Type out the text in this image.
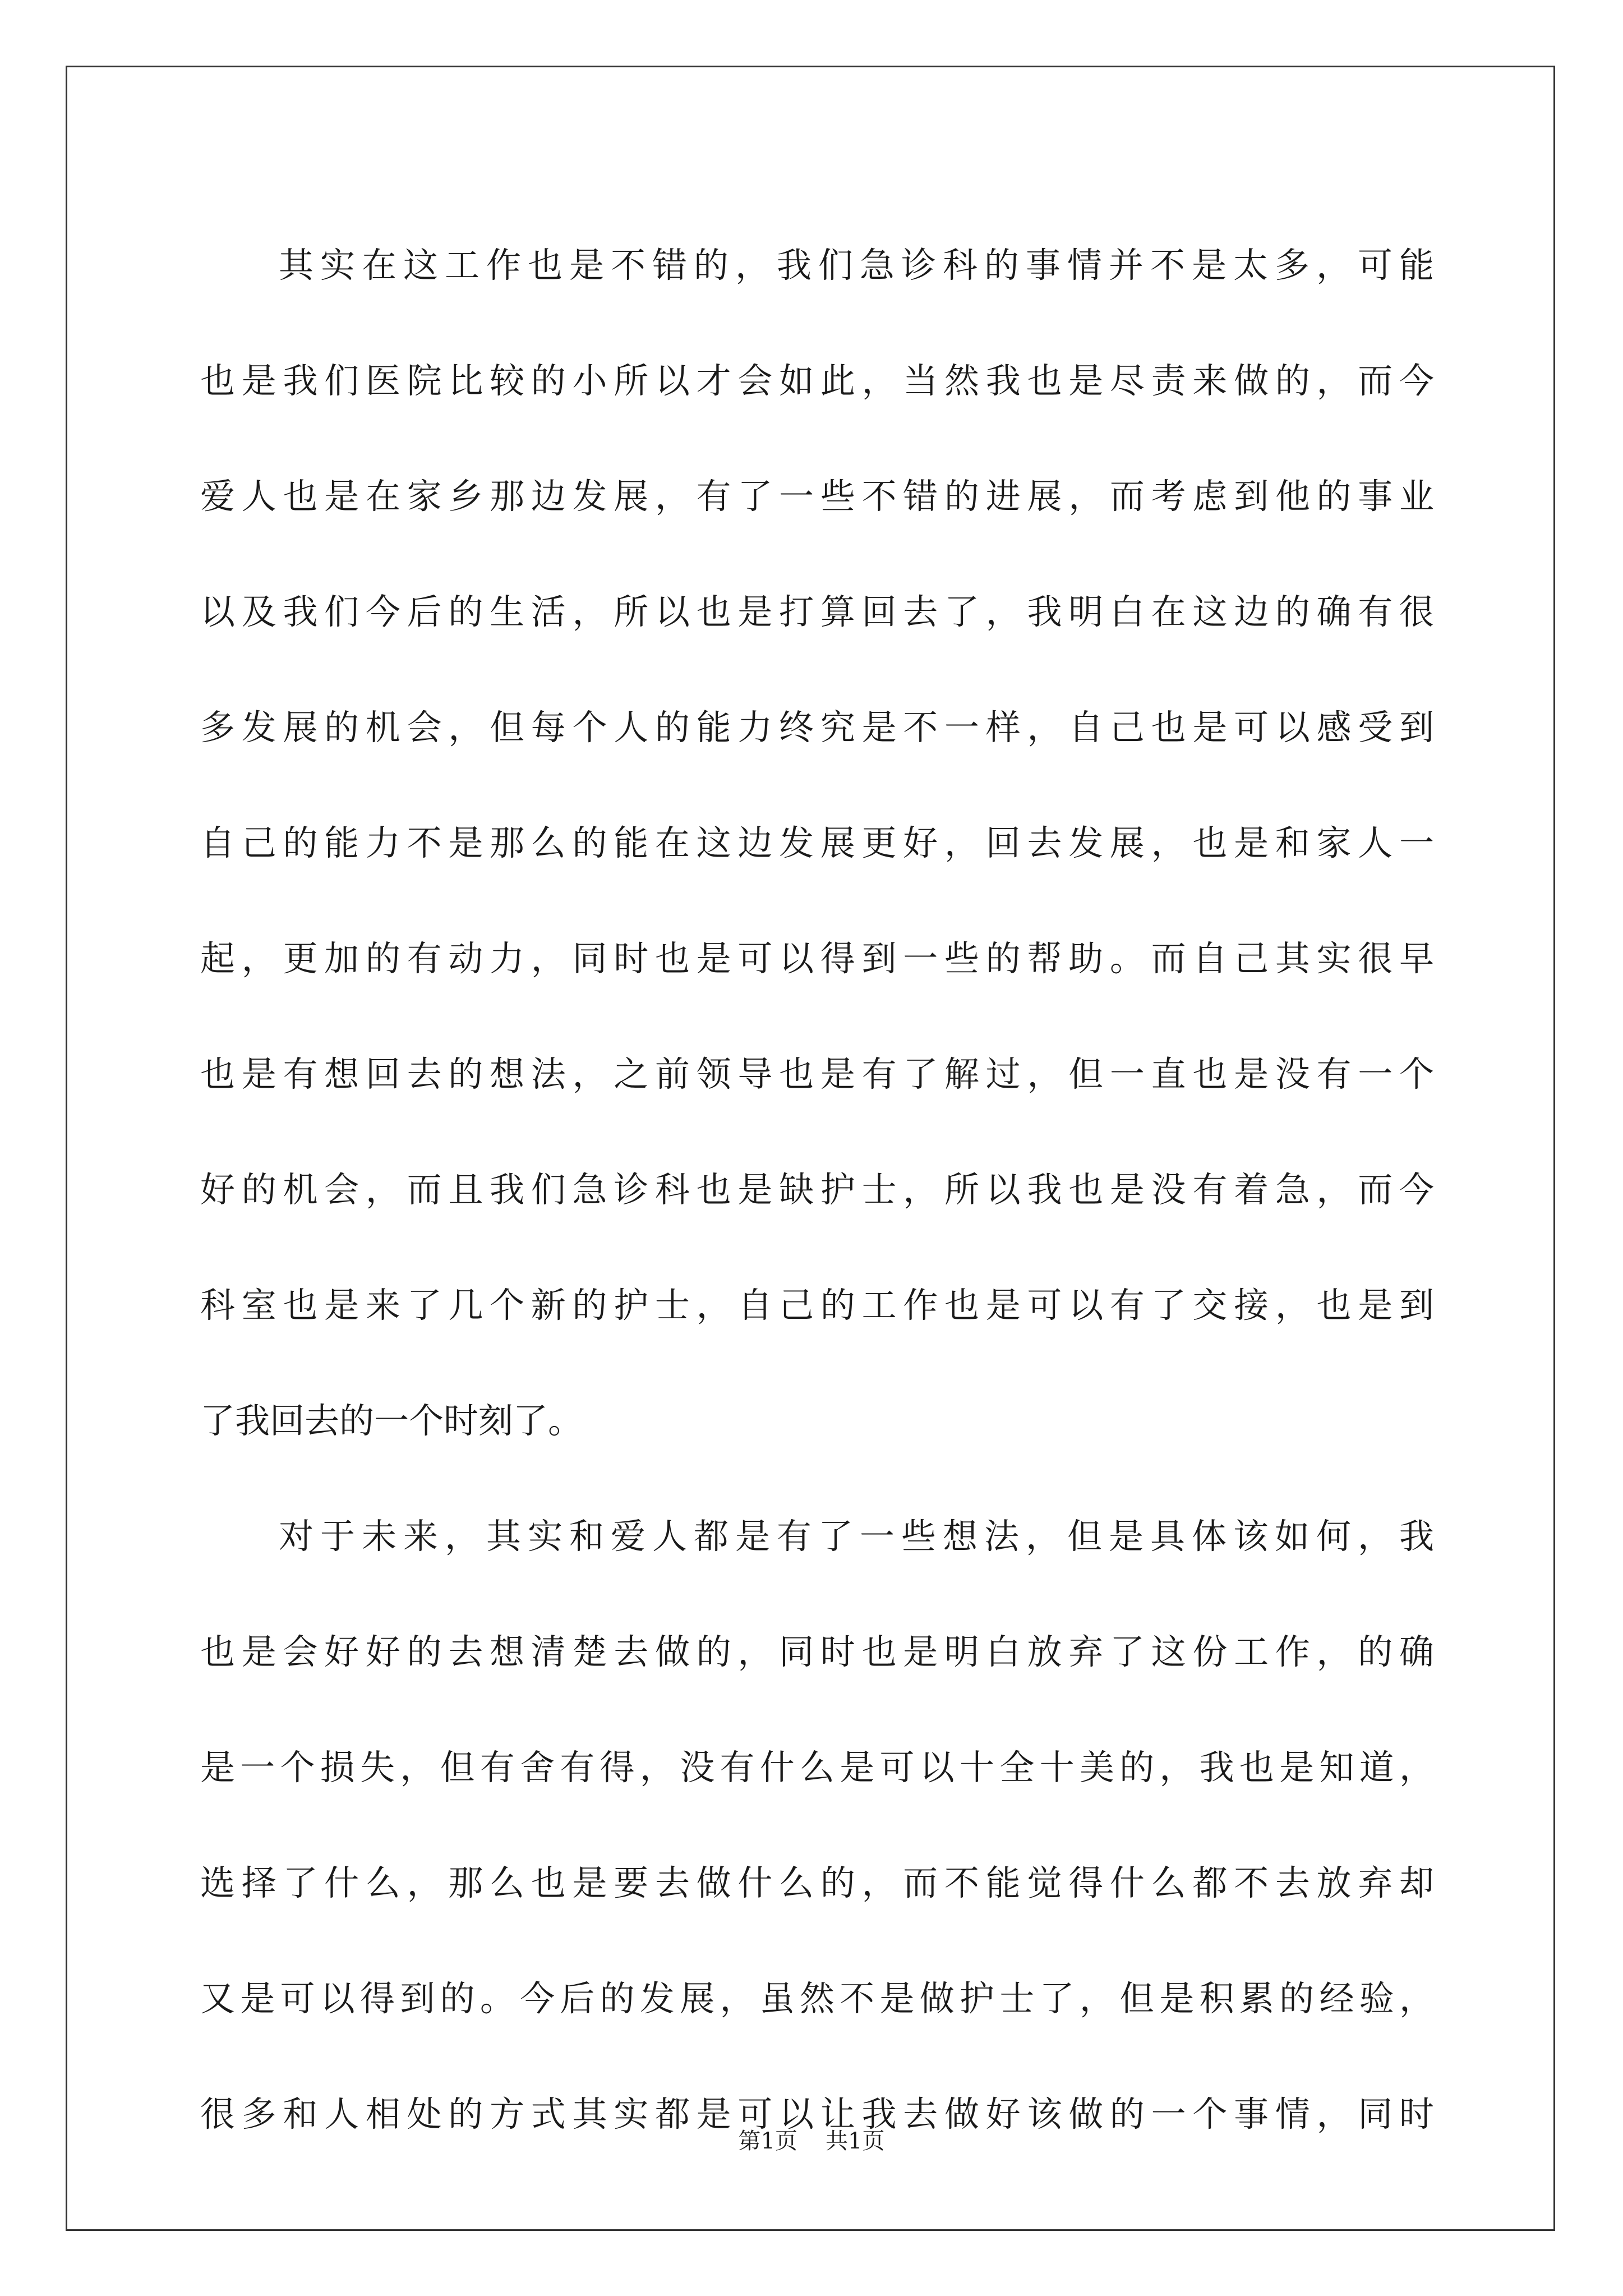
其实在这工作也是不错的，我们急诊科的事情并不是太多，可能
也是我们医院比较的小所以才会如此，当然我也是尽责来做的，而今
爱人也是在家乡那边发展，有了一些不错的进展，而考虑到他的事业
以及我们今后的生活，所以也是打算回去了，我明白在这边的确有很
多发展的机会，但每个人的能力终究是不一样，自己也是可以感受到
自己的能力不是那么的能在这边发展更好，回去发展，也是和家人一
起，更加的有动力，同时也是可以得到一些的帮助。而自己其实很早
也是有想回去的想法，之前领导也是有了解过，但一直也是没有一个
好的机会，而且我们急诊科也是缺护士，所以我也是没有着急，而今
科室也是来了几个新的护士，自己的工作也是可以有了交接，也是到
了我回去的一个时刻了。

对于未来，其实和爱人都是有了一些想法，但是具体该如何，我
也是会好好的去想清楚去做的，同时也是明白放弃了这份工作，的确
是一个损失，但有舍有得，没有什么是可以十全十美的，我也是知道，
选择了什么，那么也是要去做什么的，而不能觉得什么都不去放弃却
又是可以得到的。今后的发展，虽然不是做护士了，但是积累的经验，
很多和人相处的方式其实都是可以让我去做好该做的一个事情，同时

第1页 共1页
